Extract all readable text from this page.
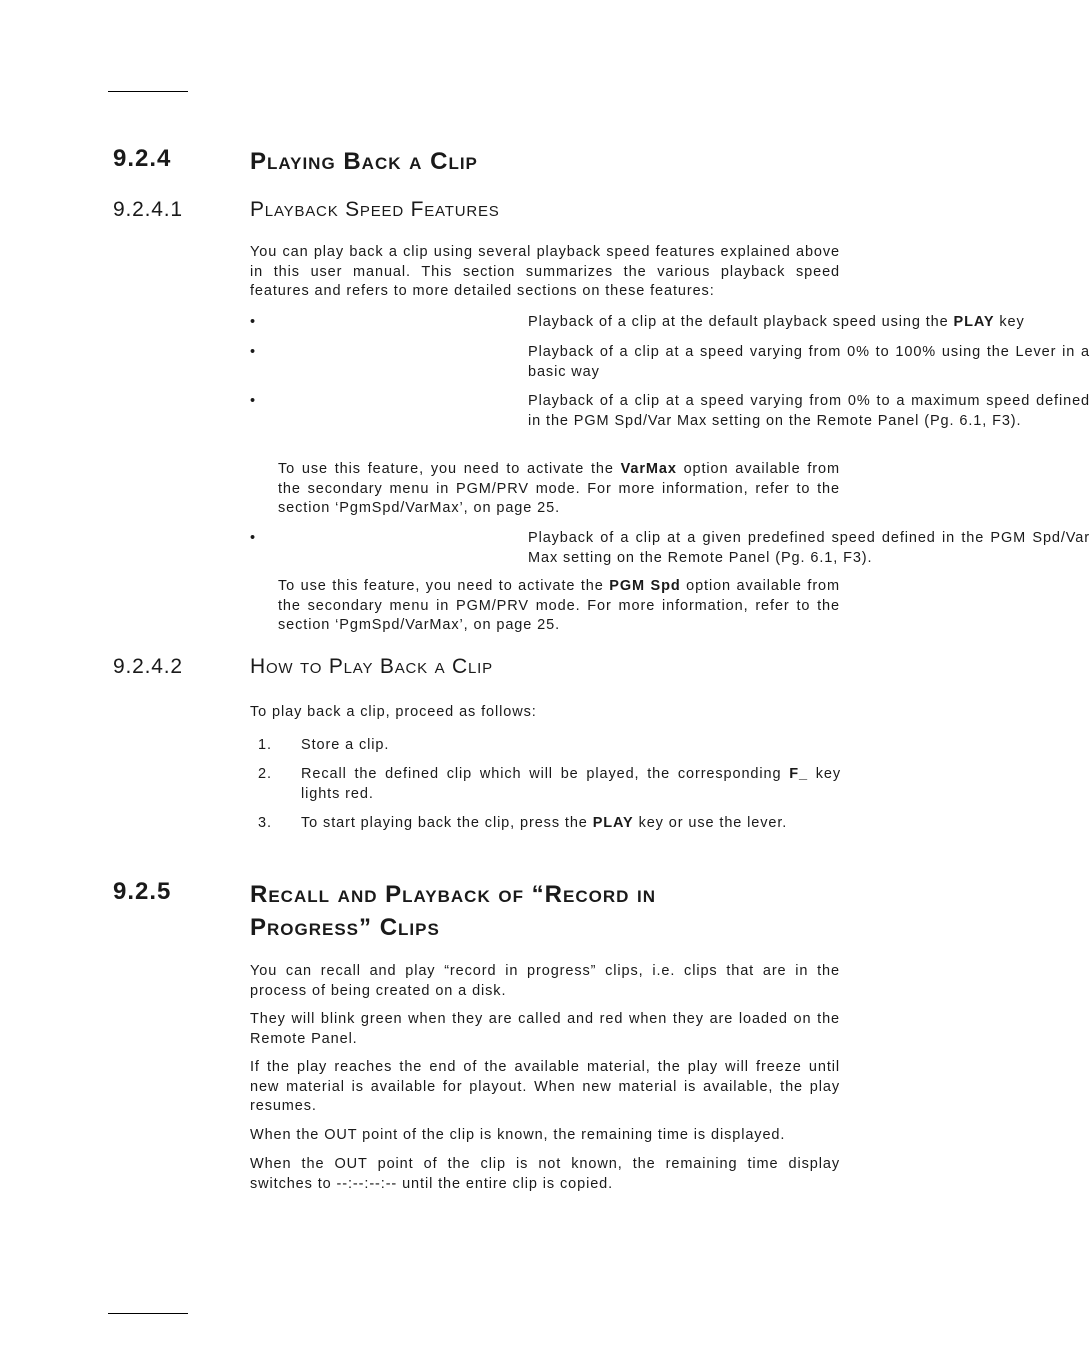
9.2.4	Playing Back a Clip
9.2.4.1	Playback Speed Features

You can play back a clip using several playback speed features explained above in this user manual. This section summarizes the various playback speed features and refers to more detailed sections on these features:

•	Playback of a clip at the default playback speed using the PLAY key

•	Playback of a clip at a speed varying from 0% to 100% using the Lever in a basic way

•	Playback of a clip at a speed varying from 0% to a maximum speed defined in the PGM Spd/Var Max setting on the Remote Panel (Pg. 6.1, F3).

To use this feature, you need to activate the VarMax option available from the secondary menu in PGM/PRV mode. For more information, refer to the section ‘PgmSpd/VarMax’, on page 25.

•	Playback of a clip at a given predefined speed defined in the PGM Spd/Var Max setting on the Remote Panel (Pg. 6.1, F3).

To use this feature, you need to activate the PGM Spd option available from the secondary menu in PGM/PRV mode. For more information, refer to the section ‘PgmSpd/VarMax’, on page 25.

9.2.4.2	How to Play Back a Clip

To play back a clip, proceed as follows:

1. Store a clip.

2. Recall the defined clip which will be played, the corresponding F_ key lights red.

3. To start playing back the clip, press the PLAY key or use the lever.

9.2.5	Recall and Playback of “Record in
Progress” Clips

You can recall and play “record in progress” clips, i.e. clips that are in the process of being created on a disk.

They will blink green when they are called and red when they are loaded on the Remote Panel.

If the play reaches the end of the available material, the play will freeze until new material is available for playout. When new material is available, the play resumes.

When the OUT point of the clip is known, the remaining time is displayed.

When the OUT point of the clip is not known, the remaining time display switches to --:--:--:-- until the entire clip is copied.
